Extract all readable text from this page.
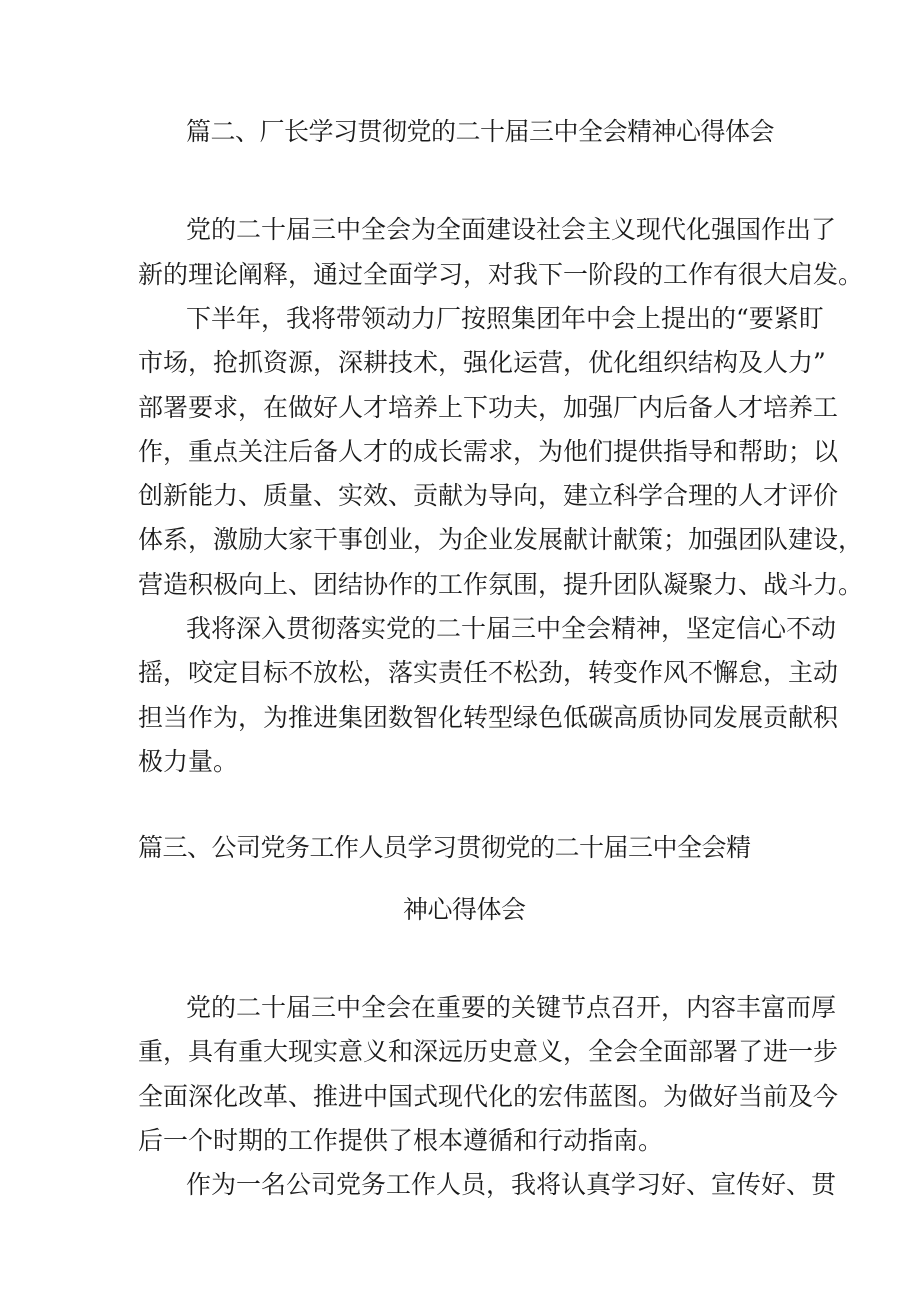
篇二、厂长学习贯彻党的二十届三中全会精神心得体会

党的二十届三中全会为全面建设社会主义现代化强国作出了

新的理论阐释，通过全面学习，对我下一阶段的工作有很大启发。

下半年，我将带领动力厂按照集团年中会上提出的“要紧盯

市场，抢抓资源，深耕技术，强化运营，优化组织结构及人力”

部署要求，在做好人才培养上下功夫，加强厂内后备人才培养工

作，重点关注后备人才的成长需求，为他们提供指导和帮助；以

创新能力、质量、实效、贡献为导向，建立科学合理的人才评价

体系，激励大家干事创业，为企业发展献计献策；加强团队建设，

营造积极向上、团结协作的工作氛围，提升团队凝聚力、战斗力。

我将深入贯彻落实党的二十届三中全会精神，坚定信心不动

摇，咬定目标不放松，落实责任不松劲，转变作风不懈怠，主动

担当作为，为推进集团数智化转型绿色低碳高质协同发展贡献积

极力量。

篇三、公司党务工作人员学习贯彻党的二十届三中全会精
神心得体会

党的二十届三中全会在重要的关键节点召开，内容丰富而厚

重，具有重大现实意义和深远历史意义，全会全面部署了进一步

全面深化改革、推进中国式现代化的宏伟蓝图。为做好当前及今

后一个时期的工作提供了根本遵循和行动指南。

作为一名公司党务工作人员，我将认真学习好、宣传好、贯
